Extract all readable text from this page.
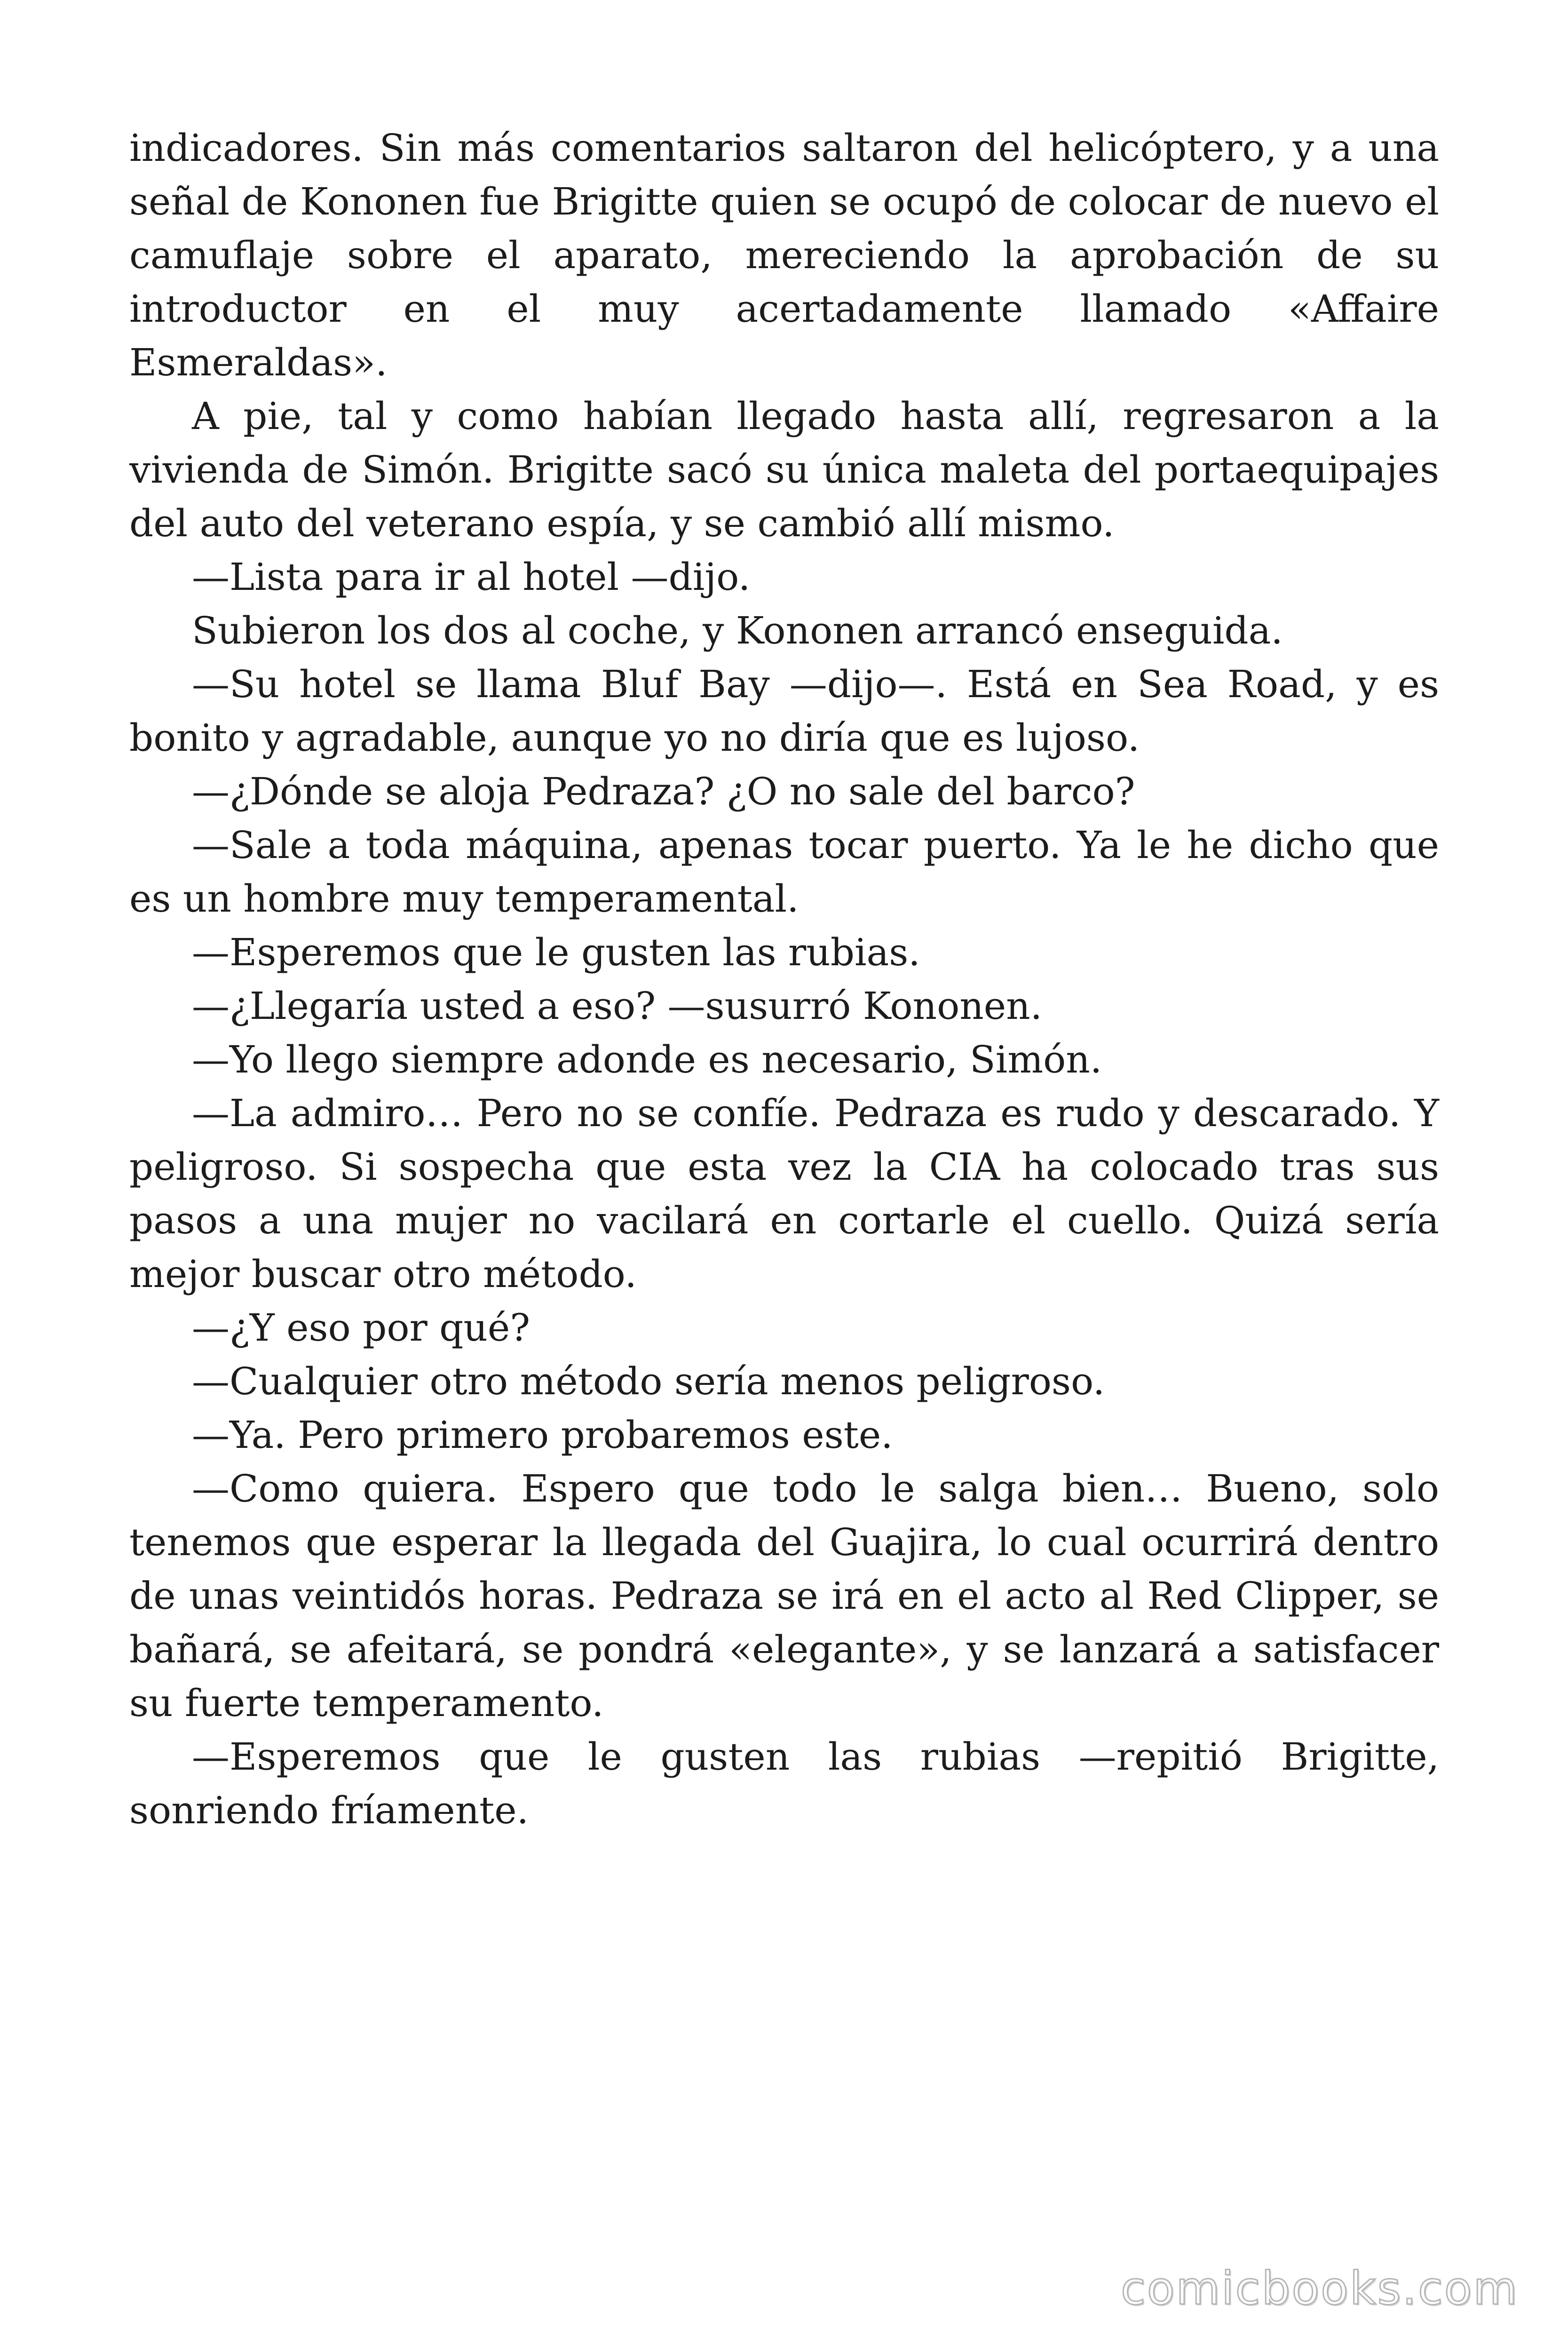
indicadores. Sin más comentarios saltaron del helicóptero, y a una señal de Kononen fue Brigitte quien se ocupó de colocar de nuevo el camuflaje sobre el aparato, mereciendo la aprobación de su introductor en el muy acertadamente llamado «Affaire Esmeraldas».

A pie, tal y como habían llegado hasta allí, regresaron a la vivienda de Simón. Brigitte sacó su única maleta del portaequipajes del auto del veterano espía, y se cambió allí mismo.

—Lista para ir al hotel —dijo.

Subieron los dos al coche, y Kononen arrancó enseguida.

—Su hotel se llama Bluf Bay —dijo—. Está en Sea Road, y es bonito y agradable, aunque yo no diría que es lujoso.

—¿Dónde se aloja Pedraza? ¿O no sale del barco?

—Sale a toda máquina, apenas tocar puerto. Ya le he dicho que es un hombre muy temperamental.

—Esperemos que le gusten las rubias.

—¿Llegaría usted a eso? —susurró Kononen.

—Yo llego siempre adonde es necesario, Simón.

—La admiro… Pero no se confíe. Pedraza es rudo y descarado. Y peligroso. Si sospecha que esta vez la CIA ha colocado tras sus pasos a una mujer no vacilará en cortarle el cuello. Quizá sería mejor buscar otro método.

—¿Y eso por qué?

—Cualquier otro método sería menos peligroso.

—Ya. Pero primero probaremos este.

—Como quiera. Espero que todo le salga bien… Bueno, solo tenemos que esperar la llegada del Guajira, lo cual ocurrirá dentro de unas veintidós horas. Pedraza se irá en el acto al Red Clipper, se bañará, se afeitará, se pondrá «elegante», y se lanzará a satisfacer su fuerte temperamento.

—Esperemos que le gusten las rubias —repitió Brigitte, sonriendo fríamente.

comicbooks.com
